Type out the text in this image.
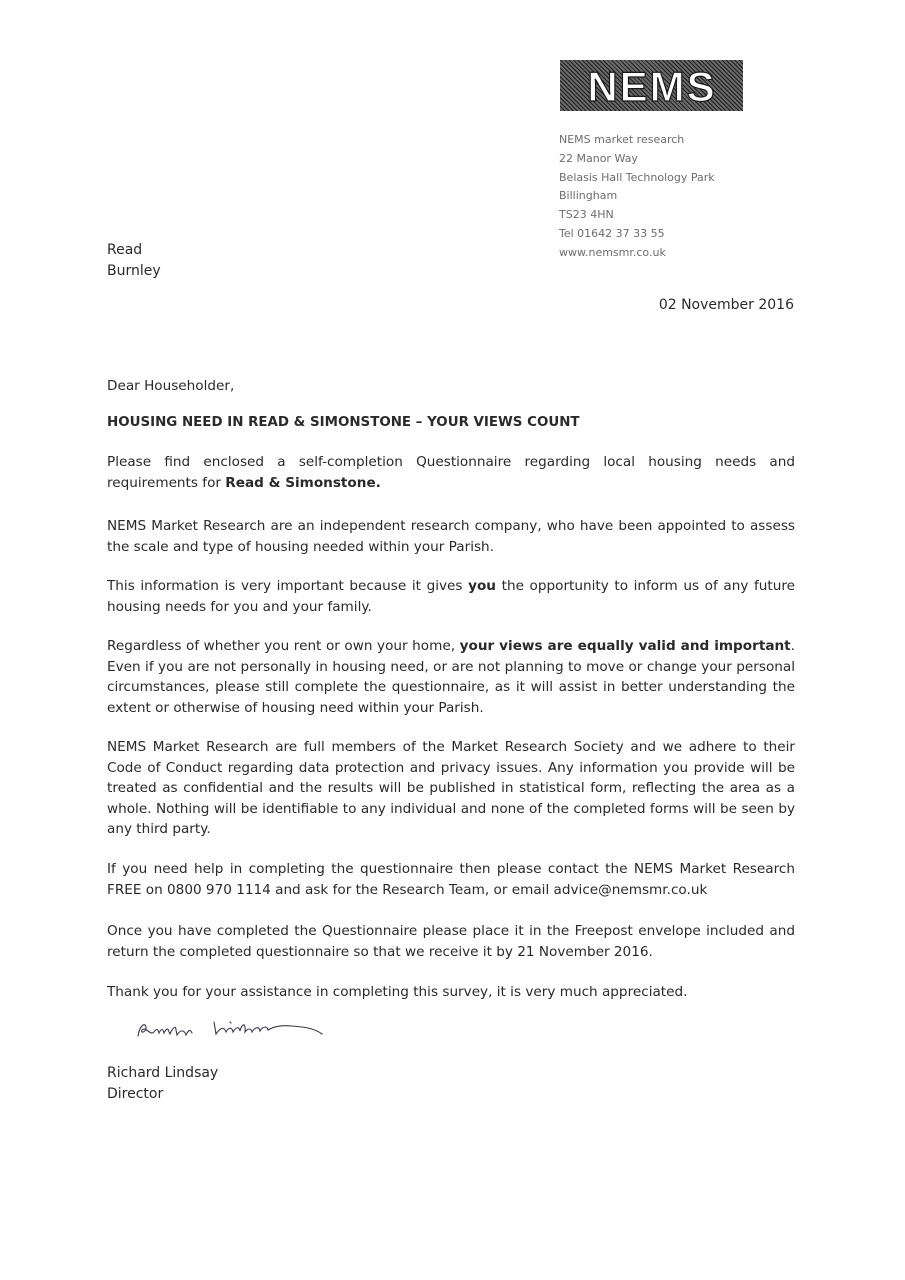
NEMS
NEMS market research
22 Manor Way
Belasis Hall Technology Park
Billingham
TS23 4HN
Tel 01642 37 33 55
www.nemsmr.co.uk
Read
Burnley
02 November 2016
Dear Householder,
HOUSING NEED IN READ & SIMONSTONE – YOUR VIEWS COUNT
Please find enclosed a self-completion Questionnaire regarding local housing needs and requirements for Read & Simonstone.
NEMS Market Research are an independent research company, who have been appointed to assess the scale and type of housing needed within your Parish.
This information is very important because it gives you the opportunity to inform us of any future housing needs for you and your family.
Regardless of whether you rent or own your home, your views are equally valid and important. Even if you are not personally in housing need, or are not planning to move or change your personal circumstances, please still complete the questionnaire, as it will assist in better understanding the extent or otherwise of housing need within your Parish.
NEMS Market Research are full members of the Market Research Society and we adhere to their Code of Conduct regarding data protection and privacy issues. Any information you provide will be treated as confidential and the results will be published in statistical form, reflecting the area as a whole. Nothing will be identifiable to any individual and none of the completed forms will be seen by any third party.
If you need help in completing the questionnaire then please contact the NEMS Market Research FREE on 0800 970 1114 and ask for the Research Team, or email advice@nemsmr.co.uk
Once you have completed the Questionnaire please place it in the Freepost envelope included and return the completed questionnaire so that we receive it by 21 November 2016.
Thank you for your assistance in completing this survey, it is very much appreciated.
Richard Lindsay
Director
